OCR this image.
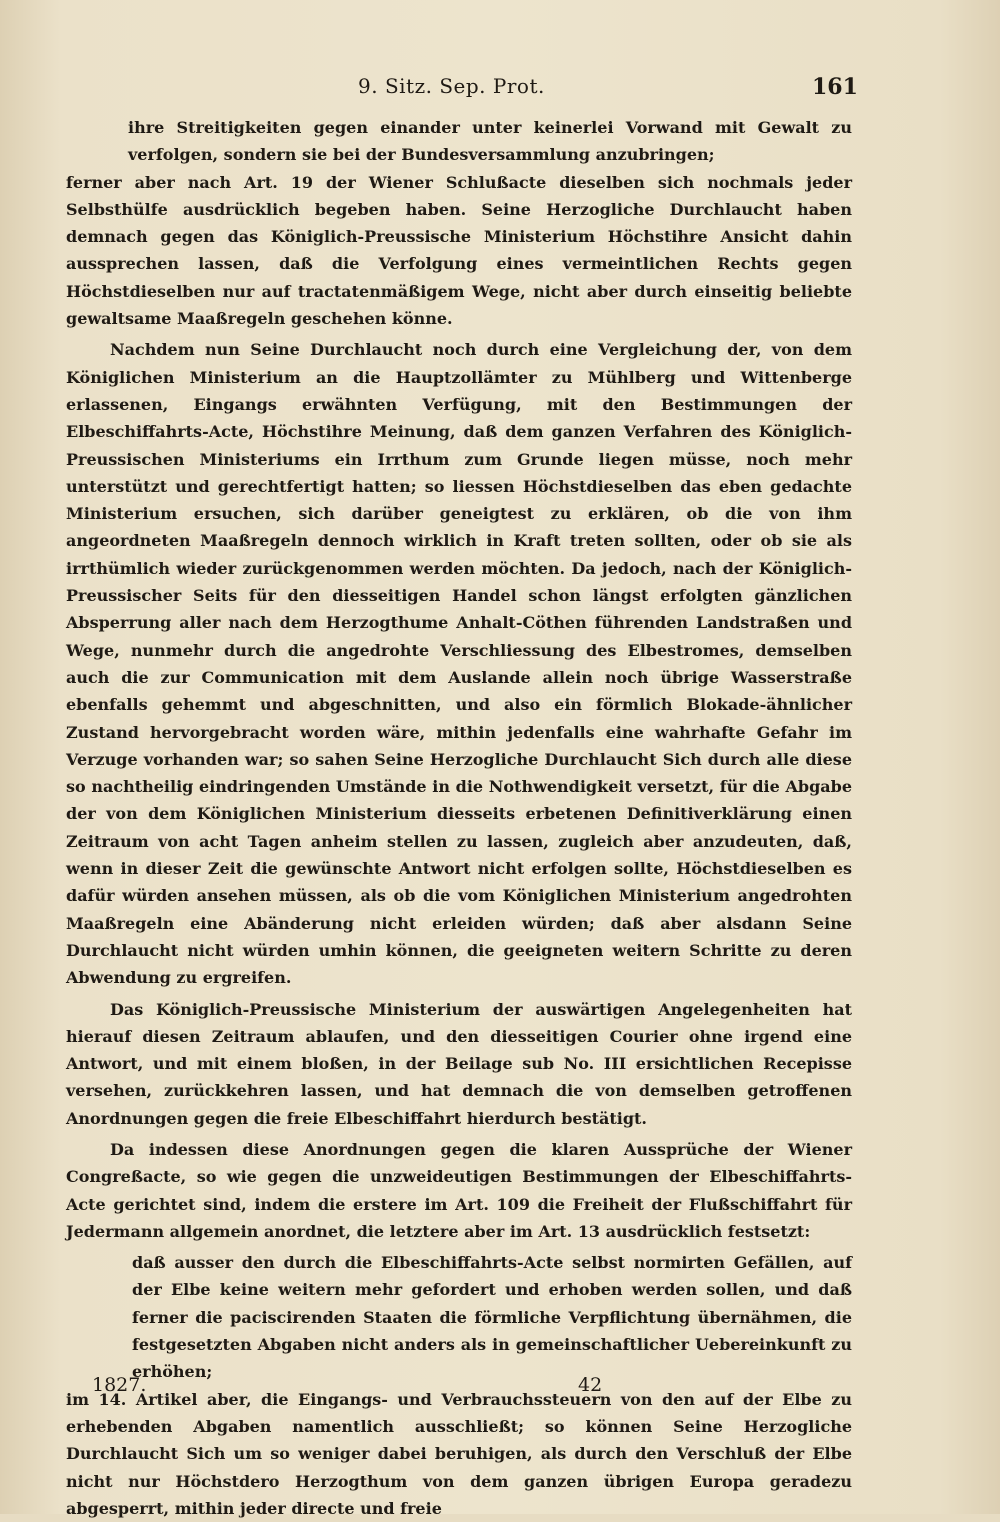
9. Sitz. Sep. Prot.	161

ihre Streitigkeiten gegen einander unter keinerlei Vorwand mit Gewalt zu verfolgen, sondern sie bei der Bundesversammlung anzubringen;

ferner aber nach Art. 19 der Wiener Schlußacte dieselben sich nochmals jeder Selbsthülfe ausdrücklich begeben haben. Seine Herzogliche Durchlaucht haben demnach gegen das Königlich-Preussische Ministerium Höchstihre Ansicht dahin aussprechen lassen, daß die Verfolgung eines vermeintlichen Rechts gegen Höchstdieselben nur auf tractatenmäßigem Wege, nicht aber durch einseitig beliebte gewaltsame Maaßregeln geschehen könne.

Nachdem nun Seine Durchlaucht noch durch eine Vergleichung der, von dem Königlichen Ministerium an die Hauptzollämter zu Mühlberg und Wittenberge erlassenen, Eingangs erwähnten Verfügung, mit den Bestimmungen der Elbeschiffahrts-Acte, Höchstihre Meinung, daß dem ganzen Verfahren des Königlich-Preussischen Ministeriums ein Irrthum zum Grunde liegen müsse, noch mehr unterstützt und gerechtfertigt hatten; so liessen Höchstdieselben das eben gedachte Ministerium ersuchen, sich darüber geneigtest zu erklären, ob die von ihm angeordneten Maaßregeln dennoch wirklich in Kraft treten sollten, oder ob sie als irrthümlich wieder zurückgenommen werden möchten. Da jedoch, nach der Königlich-Preussischer Seits für den diesseitigen Handel schon längst erfolgten gänzlichen Absperrung aller nach dem Herzogthume Anhalt-Cöthen führenden Landstraßen und Wege, nunmehr durch die angedrohte Verschliessung des Elbestromes, demselben auch die zur Communication mit dem Auslande allein noch übrige Wasserstraße ebenfalls gehemmt und abgeschnitten, und also ein förmlich Blokade-ähnlicher Zustand hervorgebracht worden wäre, mithin jedenfalls eine wahrhafte Gefahr im Verzuge vorhanden war; so sahen Seine Herzogliche Durchlaucht Sich durch alle diese so nachtheilig eindringenden Umstände in die Nothwendigkeit versetzt, für die Abgabe der von dem Königlichen Ministerium diesseits erbetenen Definitiverklärung einen Zeitraum von acht Tagen anheim stellen zu lassen, zugleich aber anzudeuten, daß, wenn in dieser Zeit die gewünschte Antwort nicht erfolgen sollte, Höchstdieselben es dafür würden ansehen müssen, als ob die vom Königlichen Ministerium angedrohten Maaßregeln eine Abänderung nicht erleiden würden; daß aber alsdann Seine Durchlaucht nicht würden umhin können, die geeigneten weitern Schritte zu deren Abwendung zu ergreifen.

Das Königlich-Preussische Ministerium der auswärtigen Angelegenheiten hat hierauf diesen Zeitraum ablaufen, und den diesseitigen Courier ohne irgend eine Antwort, und mit einem bloßen, in der Beilage sub No. III ersichtlichen Recepisse versehen, zurückkehren lassen, und hat demnach die von demselben getroffenen Anordnungen gegen die freie Elbeschiffahrt hierdurch bestätigt.

Da indessen diese Anordnungen gegen die klaren Aussprüche der Wiener Congreßacte, so wie gegen die unzweideutigen Bestimmungen der Elbeschiffahrts-Acte gerichtet sind, indem die erstere im Art. 109 die Freiheit der Flußschiffahrt für Jedermann allgemein anordnet, die letztere aber im Art. 13 ausdrücklich festsetzt:

daß ausser den durch die Elbeschiffahrts-Acte selbst normirten Gefällen, auf der Elbe keine weitern mehr gefordert und erhoben werden sollen, und daß ferner die paciscirenden Staaten die förmliche Verpflichtung übernähmen, die festgesetzten Abgaben nicht anders als in gemeinschaftlicher Uebereinkunft zu erhöhen;

im 14. Artikel aber, die Eingangs- und Verbrauchssteuern von den auf der Elbe zu erhebenden Abgaben namentlich ausschließt; so können Seine Herzogliche Durchlaucht Sich um so weniger dabei beruhigen, als durch den Verschluß der Elbe nicht nur Höchstdero Herzogthum von dem ganzen übrigen Europa geradezu abgesperrt, mithin jeder directe und freie

1827.	42
